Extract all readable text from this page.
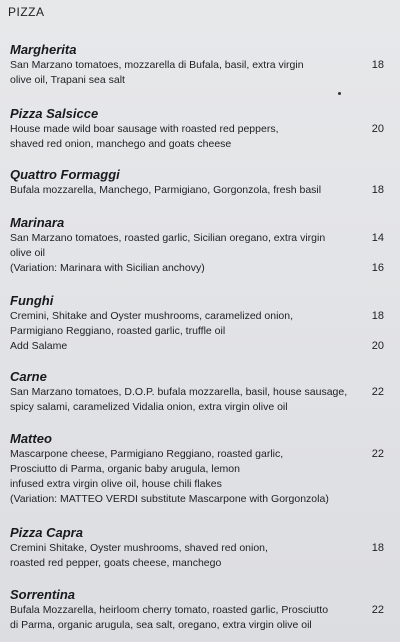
PIZZA
Margherita
San Marzano tomatoes, mozzarella di Bufala, basil, extra virgin	18
olive oil, Trapani sea salt
Pizza Salsicce
House made wild boar sausage with roasted red peppers,	20
shaved red onion, manchego and goats cheese
Quattro Formaggi
Bufala mozzarella, Manchego, Parmigiano, Gorgonzola, fresh basil	18
Marinara
San Marzano tomatoes, roasted garlic, Sicilian oregano, extra virgin	14
olive oil
(Variation: Marinara with Sicilian anchovy)	16
Funghi
Cremini, Shitake and Oyster mushrooms, caramelized onion,	18
Parmigiano Reggiano, roasted garlic, truffle oil
Add Salame	20
Carne
San Marzano tomatoes, D.O.P. bufala mozzarella, basil, house sausage, 22
spicy salami, caramelized Vidalia onion, extra virgin olive oil
Matteo
Mascarpone cheese, Parmigiano Reggiano, roasted garlic,	22
Prosciutto di Parma, organic baby arugula, lemon
infused extra virgin olive oil, house chili flakes
(Variation: MATTEO VERDI substitute Mascarpone with Gorgonzola)
Pizza Capra
Cremini Shitake, Oyster mushrooms, shaved red onion,	18
roasted red pepper, goats cheese, manchego
Sorrentina
Bufala Mozzarella, heirloom cherry tomato, roasted garlic, Prosciutto	22
di Parma, organic arugula, sea salt, oregano, extra virgin olive oil
